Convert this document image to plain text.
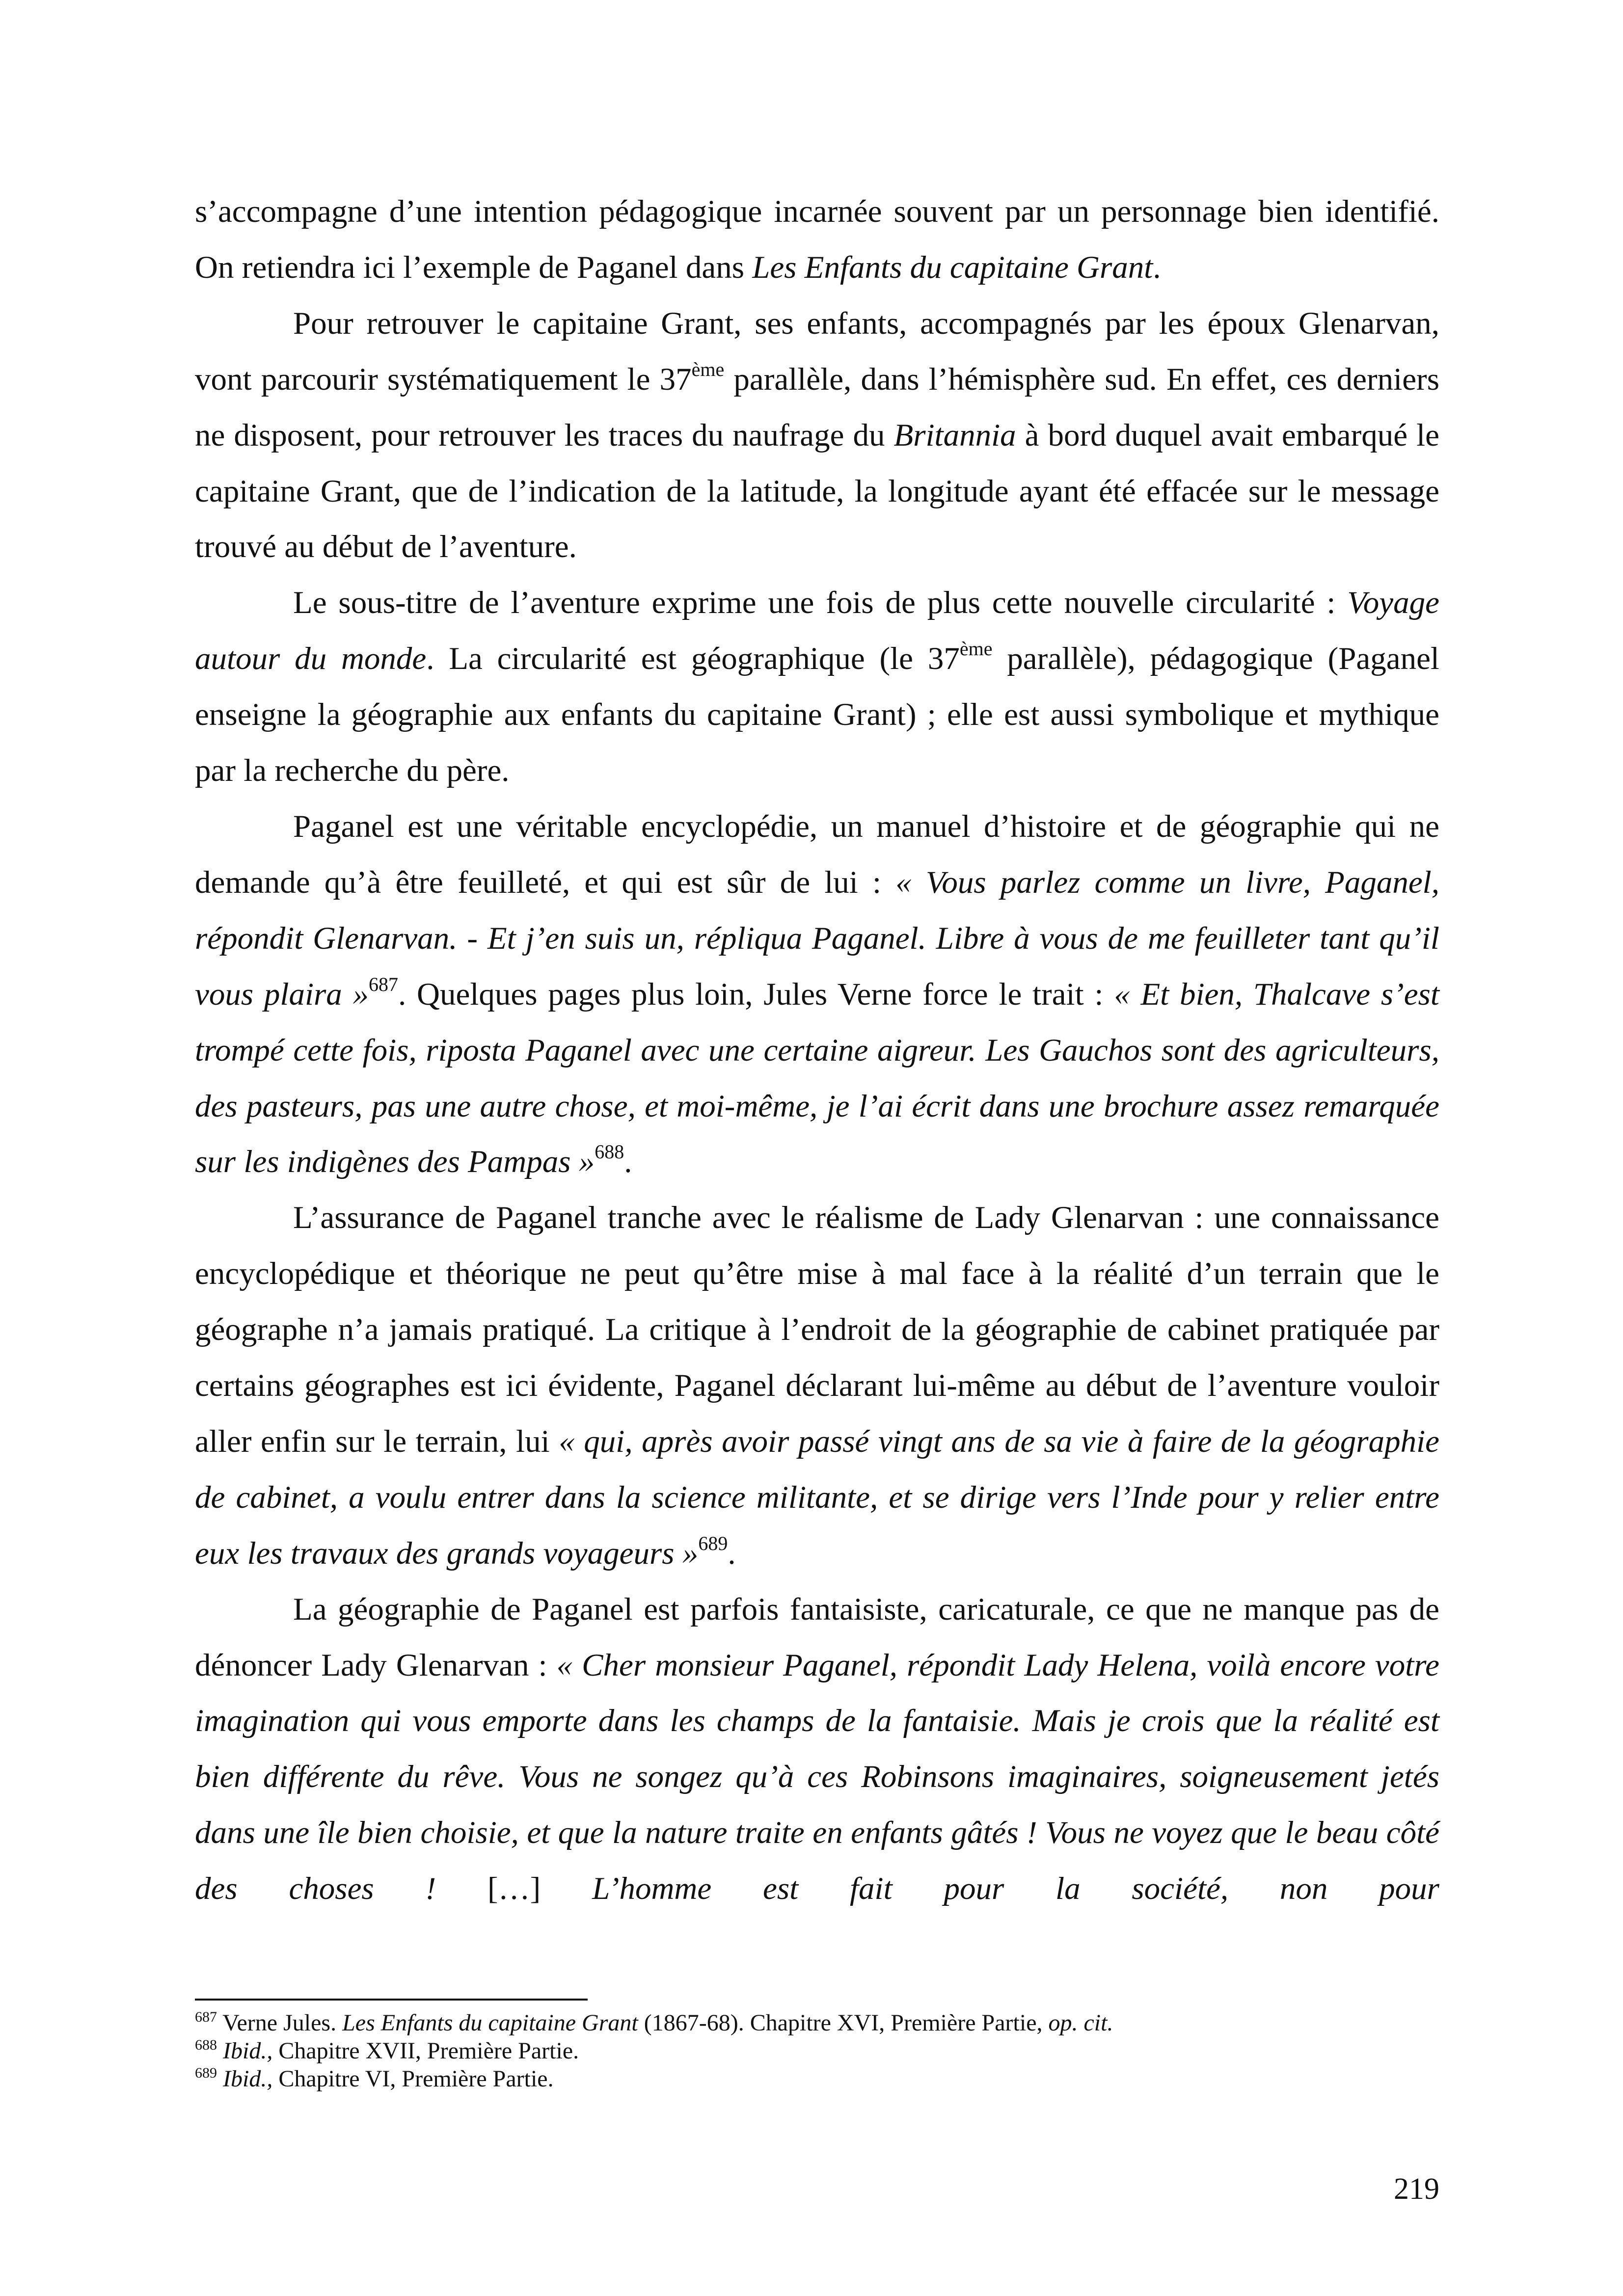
s’accompagne d’une intention pédagogique incarnée souvent par un personnage bien identifié. On retiendra ici l’exemple de Paganel dans Les Enfants du capitaine Grant.

Pour retrouver le capitaine Grant, ses enfants, accompagnés par les époux Glenarvan, vont parcourir systématiquement le 37ème parallèle, dans l’hémisphère sud. En effet, ces derniers ne disposent, pour retrouver les traces du naufrage du Britannia à bord duquel avait embarqué le capitaine Grant, que de l’indication de la latitude, la longitude ayant été effacée sur le message trouvé au début de l’aventure.

Le sous-titre de l’aventure exprime une fois de plus cette nouvelle circularité : Voyage autour du monde. La circularité est géographique (le 37ème parallèle), pédagogique (Paganel enseigne la géographie aux enfants du capitaine Grant) ; elle est aussi symbolique et mythique par la recherche du père.

Paganel est une véritable encyclopédie, un manuel d’histoire et de géographie qui ne demande qu’à être feuilleté, et qui est sûr de lui : « Vous parlez comme un livre, Paganel, répondit Glenarvan. - Et j’en suis un, répliqua Paganel. Libre à vous de me feuilleter tant qu’il vous plaira »$^{687}$. Quelques pages plus loin, Jules Verne force le trait : « Et bien, Thalcave s’est trompé cette fois, riposta Paganel avec une certaine aigreur. Les Gauchos sont des agriculteurs, des pasteurs, pas une autre chose, et moi-même, je l’ai écrit dans une brochure assez remarquée sur les indigènes des Pampas »$^{688}$.

L’assurance de Paganel tranche avec le réalisme de Lady Glenarvan : une connaissance encyclopédique et théorique ne peut qu’être mise à mal face à la réalité d’un terrain que le géographe n’a jamais pratiqué. La critique à l’endroit de la géographie de cabinet pratiquée par certains géographes est ici évidente, Paganel déclarant lui-même au début de l’aventure vouloir aller enfin sur le terrain, lui « qui, après avoir passé vingt ans de sa vie à faire de la géographie de cabinet, a voulu entrer dans la science militante, et se dirige vers l’Inde pour y relier entre eux les travaux des grands voyageurs »$^{689}$.

La géographie de Paganel est parfois fantaisiste, caricaturale, ce que ne manque pas de dénoncer Lady Glenarvan : « Cher monsieur Paganel, répondit Lady Helena, voilà encore votre imagination qui vous emporte dans les champs de la fantaisie. Mais je crois que la réalité est bien différente du rêve. Vous ne songez qu’à ces Robinsons imaginaires, soigneusement jetés dans une île bien choisie, et que la nature traite en enfants gâtés ! Vous ne voyez que le beau côté des choses ! […] L’homme est fait pour la société, non pour

$^{687}$ Verne Jules. Les Enfants du capitaine Grant (1867-68). Chapitre XVI, Première Partie, op. cit.

$^{688}$ Ibid., Chapitre XVII, Première Partie.

$^{689}$ Ibid., Chapitre VI, Première Partie.

219
